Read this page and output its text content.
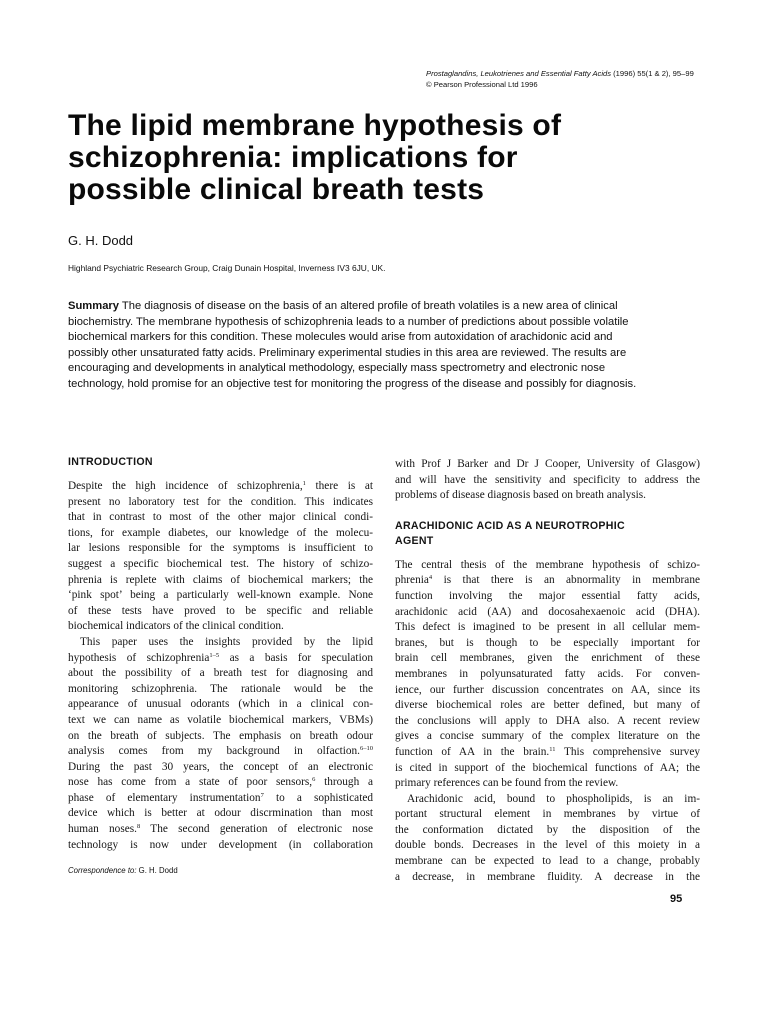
Prostaglandins, Leukotrienes and Essential Fatty Acids (1996) 55(1 & 2), 95–99
© Pearson Professional Ltd 1996
The lipid membrane hypothesis of
schizophrenia: implications for
possible clinical breath tests
G. H. Dodd
Highland Psychiatric Research Group, Craig Dunain Hospital, Inverness IV3 6JU, UK.
Summary The diagnosis of disease on the basis of an altered profile of breath volatiles is a new area of clinical
biochemistry. The membrane hypothesis of schizophrenia leads to a number of predictions about possible volatile
biochemical markers for this condition. These molecules would arise from autoxidation of arachidonic acid and
possibly other unsaturated fatty acids. Preliminary experimental studies in this area are reviewed. The results are
encouraging and developments in analytical methodology, especially mass spectrometry and electronic nose
technology, hold promise for an objective test for monitoring the progress of the disease and possibly for diagnosis.
INTRODUCTION
Despite the high incidence of schizophrenia,$^1$ there is at
present no laboratory test for the condition. This indicates
that in contrast to most of the other major clinical condi-
tions, for example diabetes, our knowledge of the molecu-
lar lesions responsible for the symptoms is insufficient to
suggest a specific biochemical test. The history of schizo-
phrenia is replete with claims of biochemical markers; the
‘pink spot’ being a particularly well-known example. None
of these tests have proved to be specific and reliable
biochemical indicators of the clinical condition.
This paper uses the insights provided by the lipid
hypothesis of schizophrenia$^{1-5}$ as a basis for speculation
about the possibility of a breath test for diagnosing and
monitoring schizophrenia. The rationale would be the
appearance of unusual odorants (which in a clinical con-
text we can name as volatile biochemical markers, VBMs)
on the breath of subjects. The emphasis on breath odour
analysis comes from my background in olfaction.$^{6-10}$
During the past 30 years, the concept of an electronic
nose has come from a state of poor sensors,$^6$ through a
phase of elementary instrumentation$^7$ to a sophisticated
device which is better at odour discrmination than most
human noses.$^8$ The second generation of electronic nose
technology is now under development (in collaboration
with Prof J Barker and Dr J Cooper, University of Glasgow)
and will have the sensitivity and specificity to address the
problems of disease diagnosis based on breath analysis.
ARACHIDONIC ACID AS A NEUROTROPHIC
AGENT
The central thesis of the membrane hypothesis of schizo-
phrenia$^4$ is that there is an abnormality in membrane
function involving the major essential fatty acids,
arachidonic acid (AA) and docosahexaenoic acid (DHA).
This defect is imagined to be present in all cellular mem-
branes, but is though to be especially important for
brain cell membranes, given the enrichment of these
membranes in polyunsaturated fatty acids. For conven-
ience, our further discussion concentrates on AA, since its
diverse biochemical roles are better defined, but many of
the conclusions will apply to DHA also. A recent review
gives a concise summary of the complex literature on the
function of AA in the brain.$^{11}$ This comprehensive survey
is cited in support of the biochemical functions of AA; the
primary references can be found from the review.
Arachidonic acid, bound to phospholipids, is an im-
portant structural element in membranes by virtue of
the conformation dictated by the disposition of the
double bonds. Decreases in the level of this moiety in a
membrane can be expected to lead to a change, probably
a decrease, in membrane fluidity. A decrease in the
Correspondence to: G. H. Dodd
95
